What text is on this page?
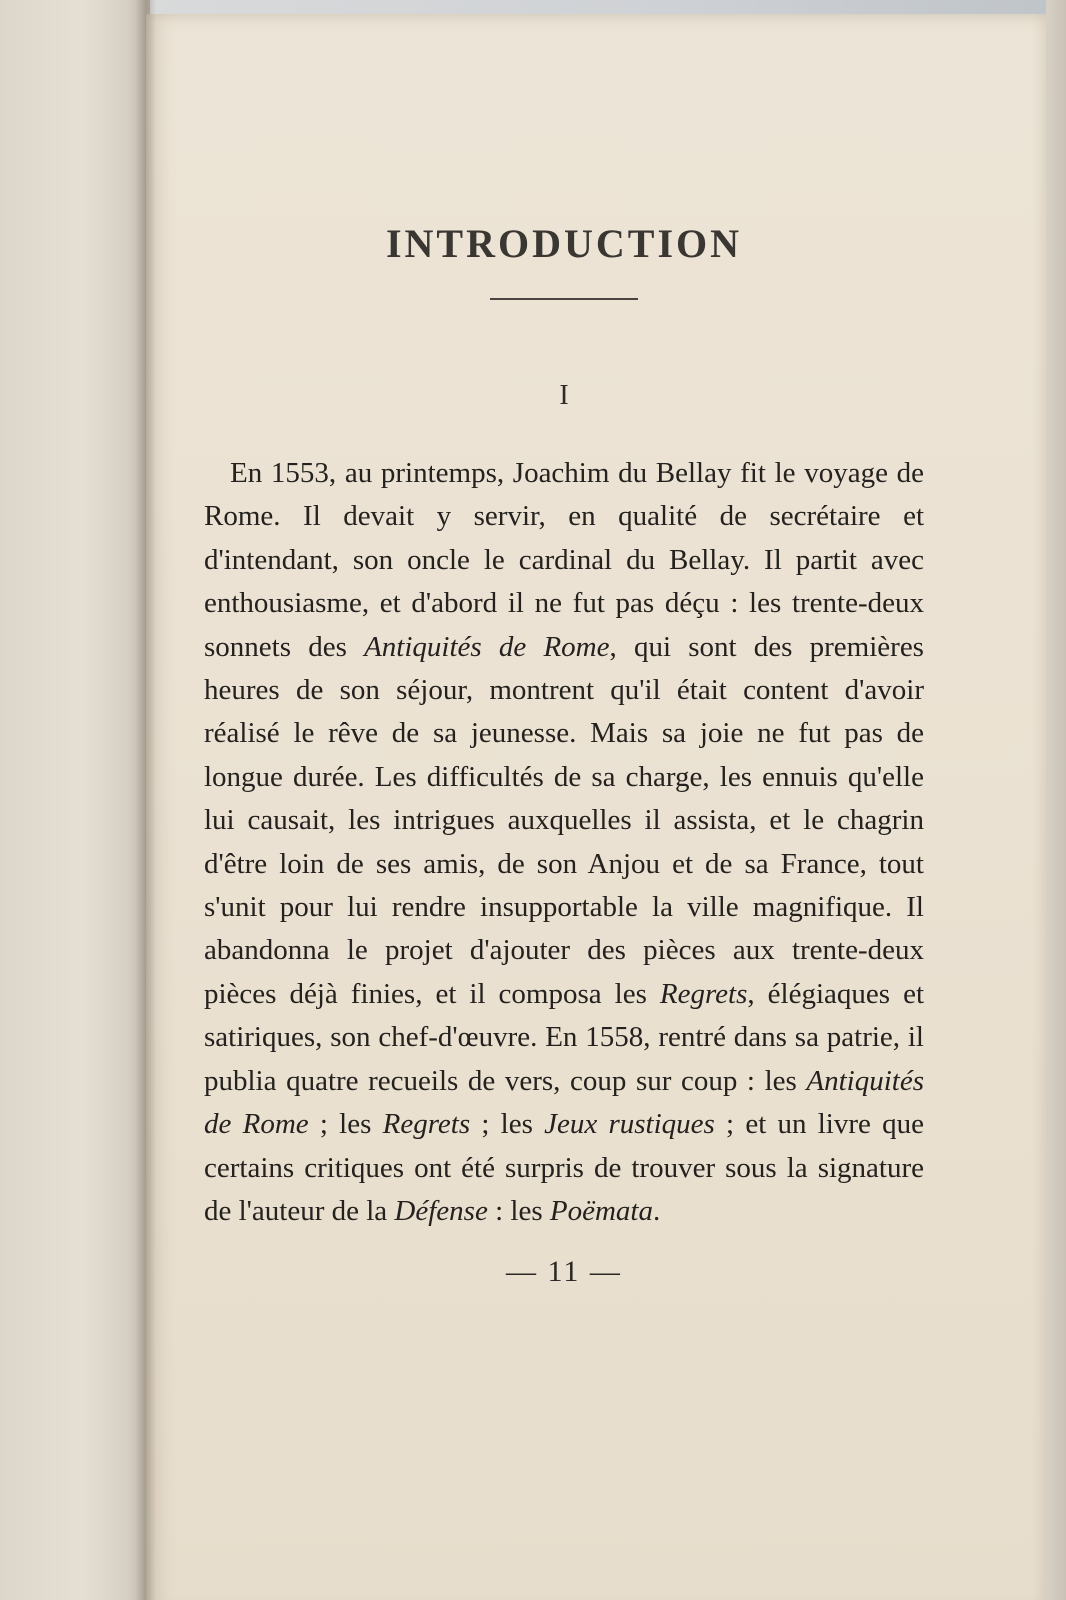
INTRODUCTION
I

En 1553, au printemps, Joachim du Bellay fit le voyage de Rome. Il devait y servir, en qualité de secrétaire et d'intendant, son oncle le cardinal du Bellay. Il partit avec enthousiasme, et d'abord il ne fut pas déçu : les trente-deux sonnets des Antiquités de Rome, qui sont des premières heures de son séjour, montrent qu'il était content d'avoir réalisé le rêve de sa jeunesse. Mais sa joie ne fut pas de longue durée. Les difficultés de sa charge, les ennuis qu'elle lui causait, les intrigues auxquelles il assista, et le chagrin d'être loin de ses amis, de son Anjou et de sa France, tout s'unit pour lui rendre insupportable la ville magnifique. Il abandonna le projet d'ajouter des pièces aux trente-deux pièces déjà finies, et il composa les Regrets, élégiaques et satiriques, son chef-d'œuvre. En 1558, rentré dans sa patrie, il publia quatre recueils de vers, coup sur coup : les Antiquités de Rome ; les Regrets ; les Jeux rustiques ; et un livre que certains critiques ont été surpris de trouver sous la signature de l'auteur de la Défense : les Poëmata.

— 11 —
